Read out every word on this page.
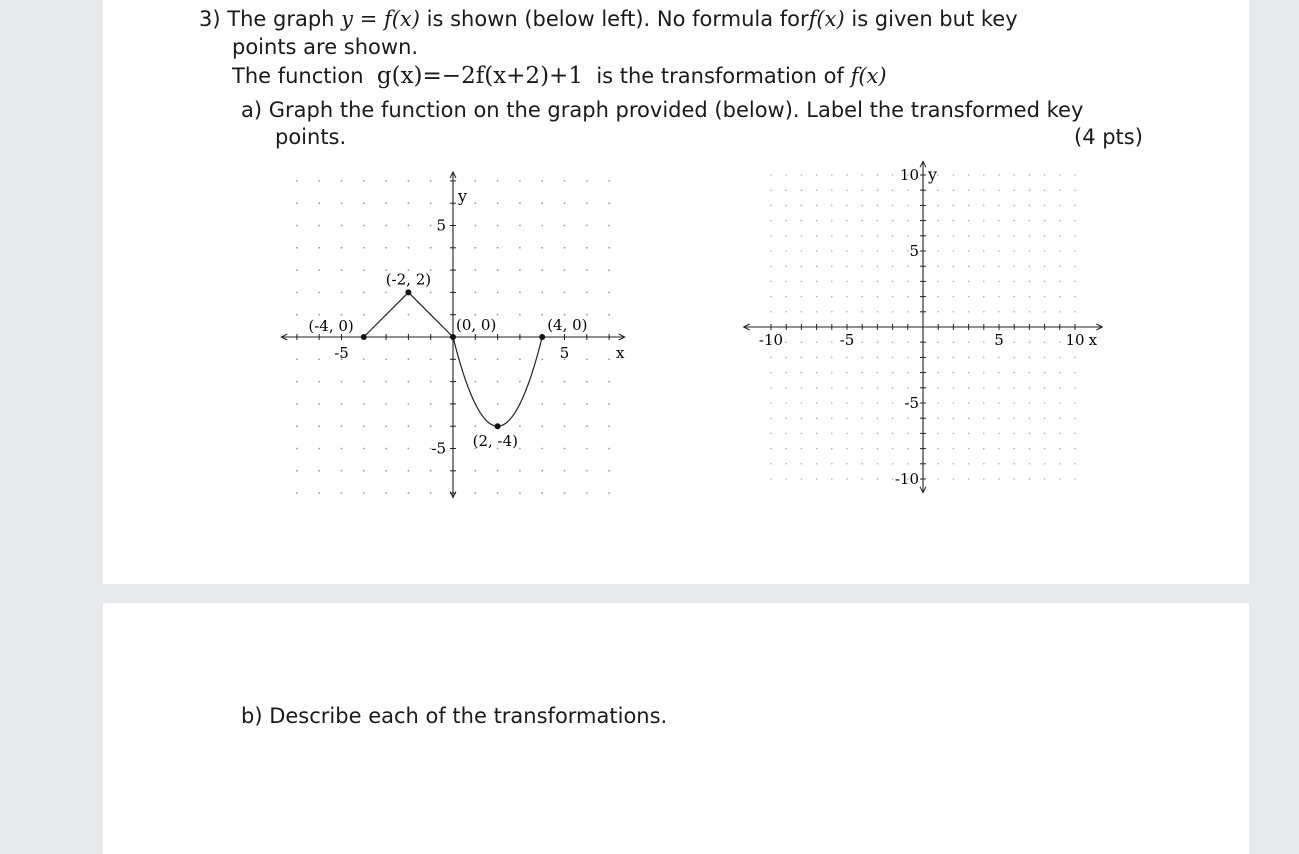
3) The graph y = f(x) is shown (below left). No formula forf(x) is given but key
points are shown.
The function g(x)=−2f(x+2)+1 is the transformation of f(x)
a) Graph the function on the graph provided (below). Label the transformed key
points.	(4 pts)
-5	5
5
-5
x
y
(-4, 0)
(-2, 2)
(0, 0)
(2, -4)
(4, 0)
-10	-5	5	10 x
10
5
-5
-10
y
b) Describe each of the transformations.
